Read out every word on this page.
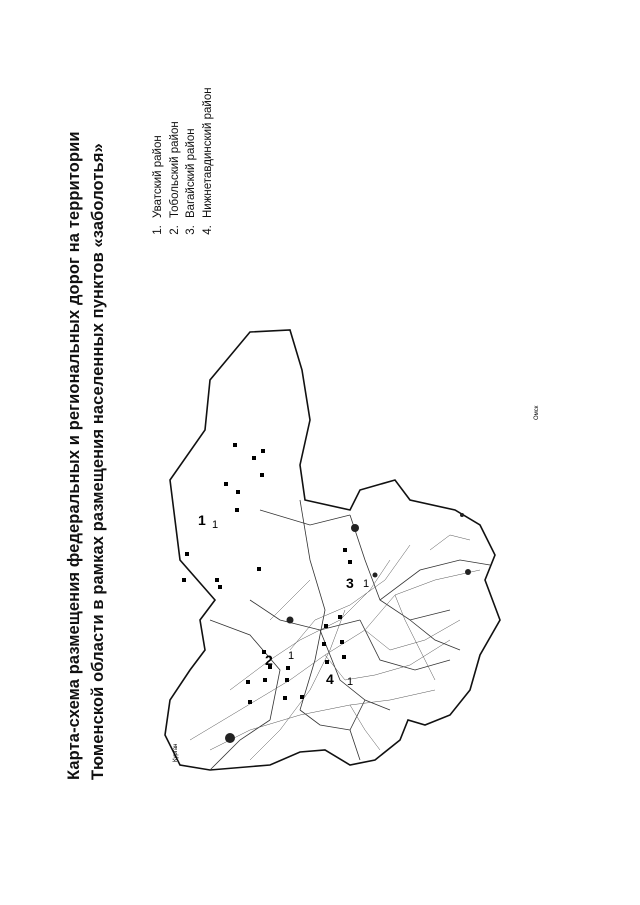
Карта-схема размещения федеральных и региональных дорог на территории Тюменской области в рамках размещения населенных пунктов «заболотья»	1. Уватский район 2. Тобольский район 3. Вагайский район 4. Нижнетавдинский район
1 1
2 1
3 1
4 1
Курган
Омск
